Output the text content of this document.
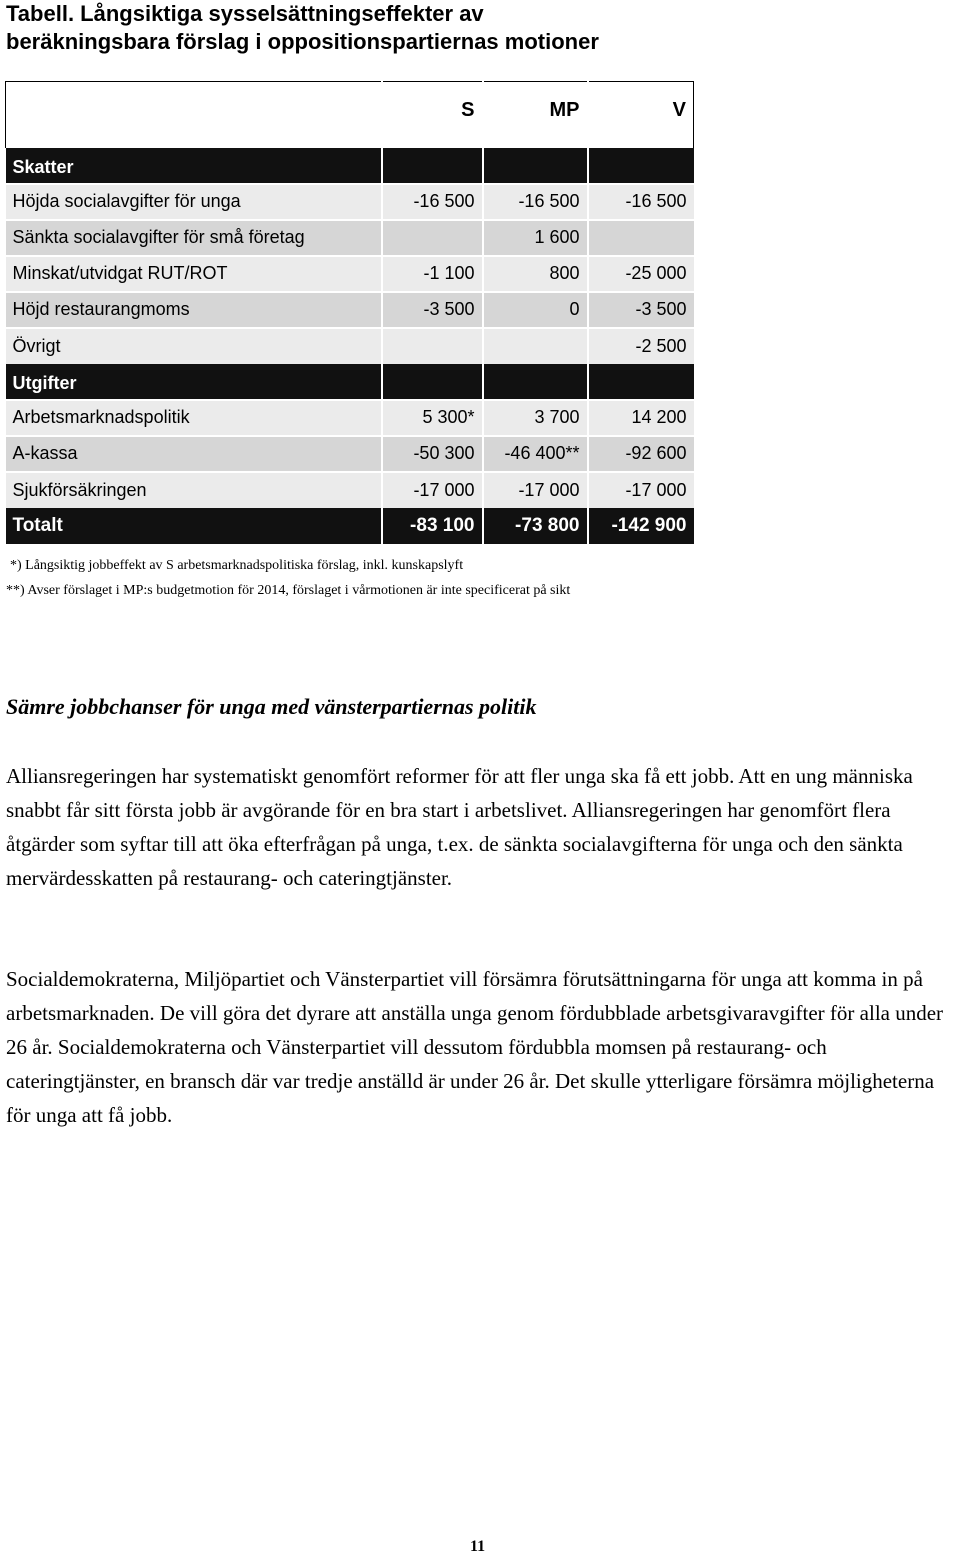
Tabell. Långsiktiga sysselsättningseffekter av
beräkningsbara förslag i oppositionspartiernas motioner
	S	MP	V

Skatter			
Höjda socialavgifter för unga	-16 500	-16 500	-16 500
Sänkta socialavgifter för små företag		1 600	
Minskat/utvidgat RUT/ROT	-1 100	800	-25 000
Höjd restaurangmoms	-3 500	0	-3 500
Övrigt			-2 500
Utgifter			
Arbetsmarknadspolitik	5 300*	3 700	14 200
A-kassa	-50 300	-46 400**	-92 600
Sjukförsäkringen	-17 000	-17 000	-17 000
Totalt	-83 100	-73 800	-142 900
*) Långsiktig jobbeffekt av S arbetsmarknadspolitiska förslag, inkl. kunskapslyft
**) Avser förslaget i MP:s budgetmotion för 2014, förslaget i vårmotionen är inte specificerat på sikt
Sämre jobbchanser för unga med vänsterpartiernas politik

Alliansregeringen har systematiskt genomfört reformer för att fler unga ska få ett jobb. Att en ung människa snabbt får sitt första jobb är avgörande för en bra start i arbetslivet. Alliansregeringen har genomfört flera åtgärder som syftar till att öka efterfrågan på unga, t.ex. de sänkta socialavgifterna för unga och den sänkta mervärdesskatten på restaurang- och cateringtjänster.

Socialdemokraterna, Miljöpartiet och Vänsterpartiet vill försämra förutsättningarna för unga att komma in på arbetsmarknaden. De vill göra det dyrare att anställa unga genom fördubblade arbetsgivaravgifter för alla under 26 år. Socialdemokraterna och Vänsterpartiet vill dessutom fördubbla momsen på restaurang- och cateringtjänster, en bransch där var tredje anställd är under 26 år. Det skulle ytterligare försämra möjligheterna för unga att få jobb.

11
